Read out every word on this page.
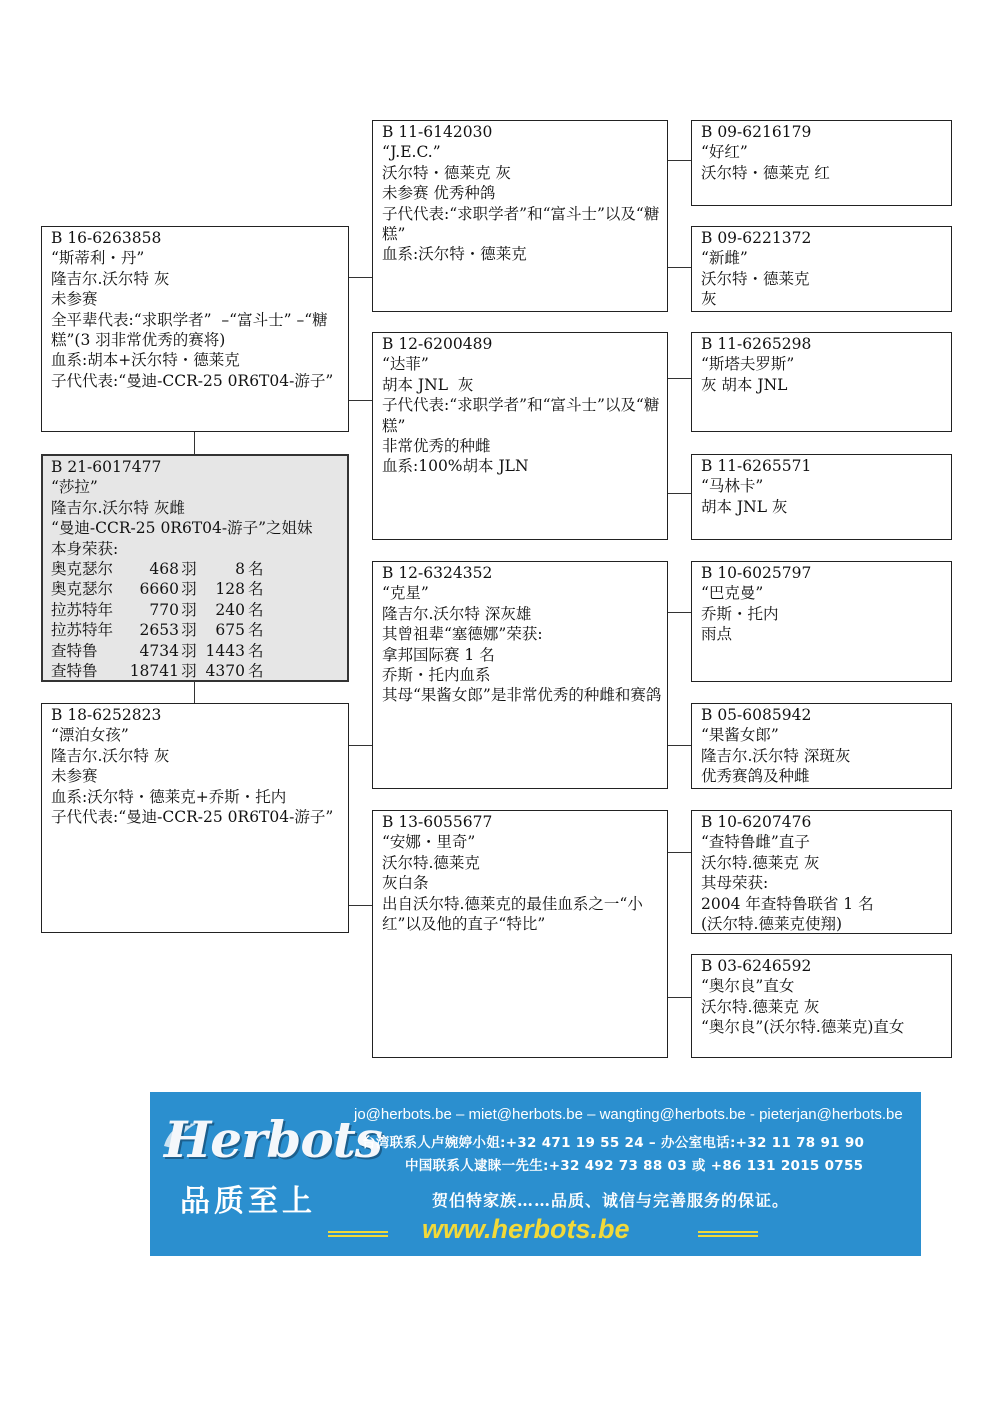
B 16-6263858
“斯蒂利・丹”
隆吉尔.沃尔特 灰
未参赛
全平辈代表:“求职学者”  –“富斗士” –“糖糕”(3 羽非常优秀的赛将)
血系:胡本+沃尔特・德莱克
子代代表:“曼迪-CCR-25 0R6T04-游子”
B 21-6017477
“莎拉”
隆吉尔.沃尔特 灰雌
“曼迪-CCR-25 0R6T04-游子”之姐妹
本身荣获:
奥克瑟尔	468 羽	8 名
奥克瑟尔	6660 羽	128 名
拉苏特年	770 羽	240 名
拉苏特年	2653 羽	675 名
查特鲁	4734 羽 1443 名
查特鲁	18741 羽 4370 名
B 18-6252823
“漂泊女孩”
隆吉尔.沃尔特 灰
未参赛
血系:沃尔特・德莱克+乔斯・托内
子代代表:“曼迪-CCR-25 0R6T04-游子”
B 11-6142030
“J.E.C.”
沃尔特・德莱克 灰
未参赛 优秀种鸽
子代代表:“求职学者”和“富斗士”以及“糖糕”
血系:沃尔特・德莱克
B 12-6200489
“达菲”
胡本 JNL  灰
子代代表:“求职学者”和“富斗士”以及“糖糕”
非常优秀的种雌
血系:100%胡本 JLN
B 12-6324352
“克星”
隆吉尔.沃尔特 深灰雄
其曾祖辈“塞德娜”荣获:
拿邦国际赛 1 名
乔斯・托内血系
其母“果酱女郎”是非常优秀的种雌和赛鸽
B 13-6055677
“安娜・里奇”
沃尔特.德莱克
灰白条
出自沃尔特.德莱克的最佳血系之一“小红”以及他的直子“特比”
B 09-6216179
“好红”
沃尔特・德莱克 红
B 09-6221372
“新雌”
沃尔特・德莱克
灰
B 11-6265298
“斯塔夫罗斯”
灰 胡本 JNL
B 11-6265571
“马林卡”
胡本 JNL 灰
B 10-6025797
“巴克曼”
乔斯・托内
雨点
B 05-6085942
“果酱女郎”
隆吉尔.沃尔特 深斑灰
优秀赛鸽及种雌
B 10-6207476
“查特鲁雌”直子
沃尔特.德莱克 灰
其母荣获:
2004 年查特鲁联省 1 名
(沃尔特.德莱克使翔)
B 03-6246592
“奥尔良”直女
沃尔特.德莱克 灰
“奥尔良”(沃尔特.德莱克)直女
Herbots
品质至上
jo@herbots.be – miet@herbots.be – wangting@herbots.be - pieterjan@herbots.be
台湾联系人卢婉婷小姐:+32 471 19 55 24 – 办公室电话:+32 11 78 91 90
中国联系人逮睐一先生:+32 492 73 88 03 或 +86 131 2015 0755
贺伯特家族……品质、诚信与完善服务的保证。
www.herbots.be
